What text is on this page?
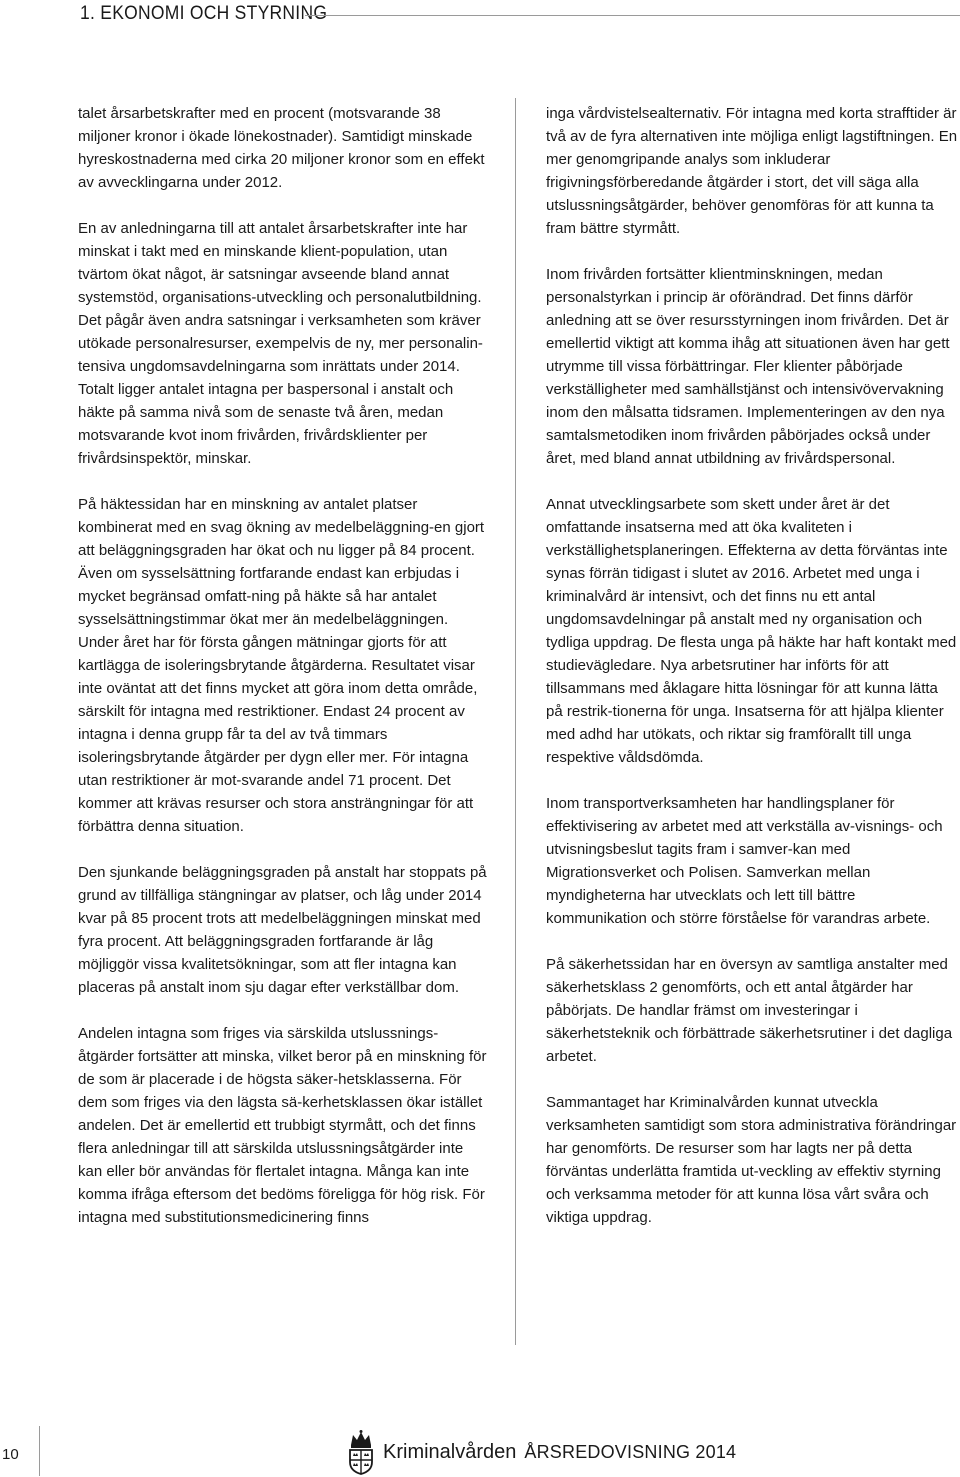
1. EKONOMI OCH STYRNING

talet årsarbetskrafter med en procent (motsvarande 38 miljoner kronor i ökade lönekostnader). Samtidigt minskade hyreskostnaderna med cirka 20 miljoner kronor som en effekt av avvecklingarna under 2012.

En av anledningarna till att antalet årsarbetskrafter inte har minskat i takt med en minskande klient-population, utan tvärtom ökat något, är satsningar avseende bland annat systemstöd, organisations-utveckling och personalutbildning. Det pågår även andra satsningar i verksamheten som kräver utökade personalresurser, exempelvis de ny, mer personalin-tensiva ungdomsavdelningarna som inrättats under 2014. Totalt ligger antalet intagna per baspersonal i anstalt och häkte på samma nivå som de senaste två åren, medan motsvarande kvot inom frivården, frivårdsklienter per frivårdsinspektör, minskar.

På häktessidan har en minskning av antalet platser kombinerat med en svag ökning av medelbeläggning-en gjort att beläggningsgraden har ökat och nu ligger på 84 procent. Även om sysselsättning fortfarande endast kan erbjudas i mycket begränsad omfatt-ning på häkte så har antalet sysselsättningstimmar ökat mer än medelbeläggningen. Under året har för första gången mätningar gjorts för att kartlägga de isoleringsbrytande åtgärderna. Resultatet visar inte oväntat att det finns mycket att göra inom detta område, särskilt för intagna med restriktioner. Endast 24 procent av intagna i denna grupp får ta del av två timmars isoleringsbrytande åtgärder per dygn eller mer. För intagna utan restriktioner är mot-svarande andel 71 procent. Det kommer att krävas resurser och stora ansträngningar för att förbättra denna situation.

Den sjunkande beläggningsgraden på anstalt har stoppats på grund av tillfälliga stängningar av platser, och låg under 2014 kvar på 85 procent trots att medelbeläggningen minskat med fyra procent. Att beläggningsgraden fortfarande är låg möjliggör vissa kvalitetsökningar, som att fler intagna kan placeras på anstalt inom sju dagar efter verkställbar dom.

Andelen intagna som friges via särskilda utslussnings-åtgärder fortsätter att minska, vilket beror på en minskning för de som är placerade i de högsta säker-hetsklasserna. För dem som friges via den lägsta sä-kerhetsklassen ökar istället andelen. Det är emellertid ett trubbigt styrmått, och det finns flera anledningar till att särskilda utslussningsåtgärder inte kan eller bör användas för flertalet intagna. Många kan inte komma ifråga eftersom det bedöms föreligga för hög risk. För intagna med substitutionsmedicinering finns

inga vårdvistelsealternativ. För intagna med korta strafftider är två av de fyra alternativen inte möjliga enligt lagstiftningen. En mer genomgripande analys som inkluderar frigivningsförberedande åtgärder i stort, det vill säga alla utslussningsåtgärder, behöver genomföras för att kunna ta fram bättre styrmått.

Inom frivården fortsätter klientminskningen, medan personalstyrkan i princip är oförändrad. Det finns därför anledning att se över resursstyrningen inom frivården. Det är emellertid viktigt att komma ihåg att situationen även har gett utrymme till vissa förbättringar. Fler klienter påbörjade verkställigheter med samhällstjänst och intensivövervakning inom den målsatta tidsramen. Implementeringen av den nya samtalsmetodiken inom frivården påbörjades också under året, med bland annat utbildning av frivårdspersonal.

Annat utvecklingsarbete som skett under året är det omfattande insatserna med att öka kvaliteten i verkställighetsplaneringen. Effekterna av detta förväntas inte synas förrän tidigast i slutet av 2016. Arbetet med unga i kriminalvård är intensivt, och det finns nu ett antal ungdomsavdelningar på anstalt med ny organisation och tydliga uppdrag. De flesta unga på häkte har haft kontakt med studievägledare. Nya arbetsrutiner har införts för att tillsammans med åklagare hitta lösningar för att kunna lätta på restrik-tionerna för unga. Insatserna för att hjälpa klienter med adhd har utökats, och riktar sig framförallt till unga respektive våldsdömda.

Inom transportverksamheten har handlingsplaner för effektivisering av arbetet med att verkställa av-visnings- och utvisningsbeslut tagits fram i samver-kan med Migrationsverket och Polisen. Samverkan mellan myndigheterna har utvecklats och lett till bättre kommunikation och större förståelse för varandras arbete.

På säkerhetssidan har en översyn av samtliga anstalter med säkerhetsklass 2 genomförts, och ett antal åtgärder har påbörjats. De handlar främst om investeringar i säkerhetsteknik och förbättrade säkerhetsrutiner i det dagliga arbetet.

Sammantaget har Kriminalvården kunnat utveckla verksamheten samtidigt som stora administrativa förändringar har genomförts. De resurser som har lagts ner på detta förväntas underlätta framtida ut-veckling av effektiv styrning och verksamma metoder för att kunna lösa vårt svåra och viktiga uppdrag.

10	Kriminalvården ÅRSREDOVISNING 2014
